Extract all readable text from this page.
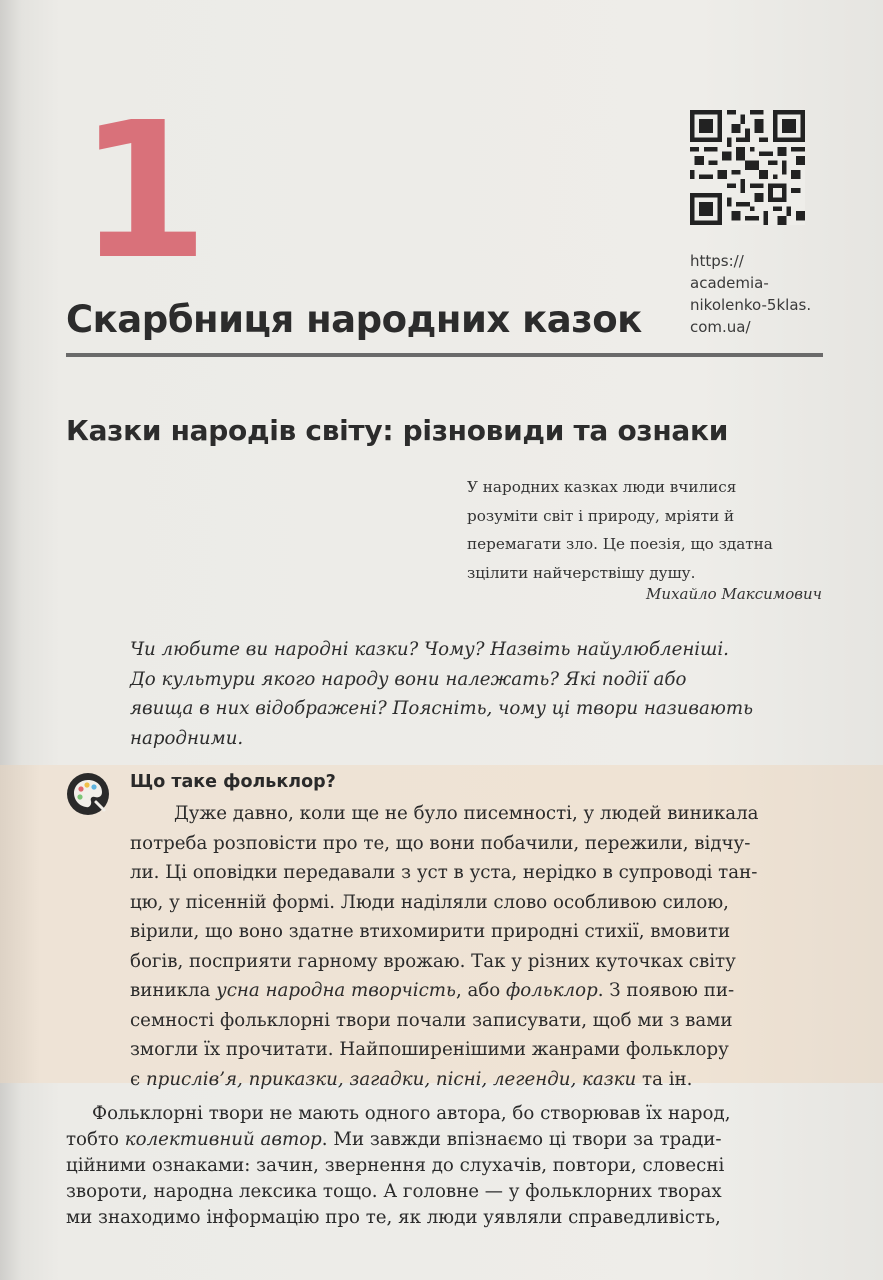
1	https://
academia-
nikolenko-5klas.
com.ua/
Скарбниця народних казок
Казки народів світу: різновиди та ознаки
У народних казках люди вчилися
розуміти світ і природу, мріяти й
перемагати зло. Це поезія, що здатна
зцілити найчерствішу душу.
Михайло Максимович
Чи любите ви народні казки? Чому? Назвіть найулюбленіші.
До культури якого народу вони належать? Які події або
явища в них відображені? Поясніть, чому ці твори називають
народними.
Що таке фольклор?
Дуже давно, коли ще не було писемності, у людей виникала
потреба розповісти про те, що вони побачили, пережили, відчу-
ли. Ці оповідки передавали з уст в уста, нерідко в супроводі тан-
цю, у пісенній формі. Люди наділяли слово особливою силою,
вірили, що воно здатне втихомирити природні стихії, вмовити
богів, посприяти гарному врожаю. Так у різних куточках світу
виникла усна народна творчість, або фольклор. З появою пи-
семності фольклорні твори почали записувати, щоб ми з вами
змогли їх прочитати. Найпоширенішими жанрами фольклору
є прислів’я, приказки, загадки, пісні, легенди, казки та ін.
Фольклорні твори не мають одного автора, бо створював їх народ,
тобто колективний автор. Ми завжди впізнаємо ці твори за тради-
ційними ознаками: зачин, звернення до слухачів, повтори, словесні
звороти, народна лексика тощо. А головне — у фольклорних творах
ми знаходимо інформацію про те, як люди уявляли справедливість,
